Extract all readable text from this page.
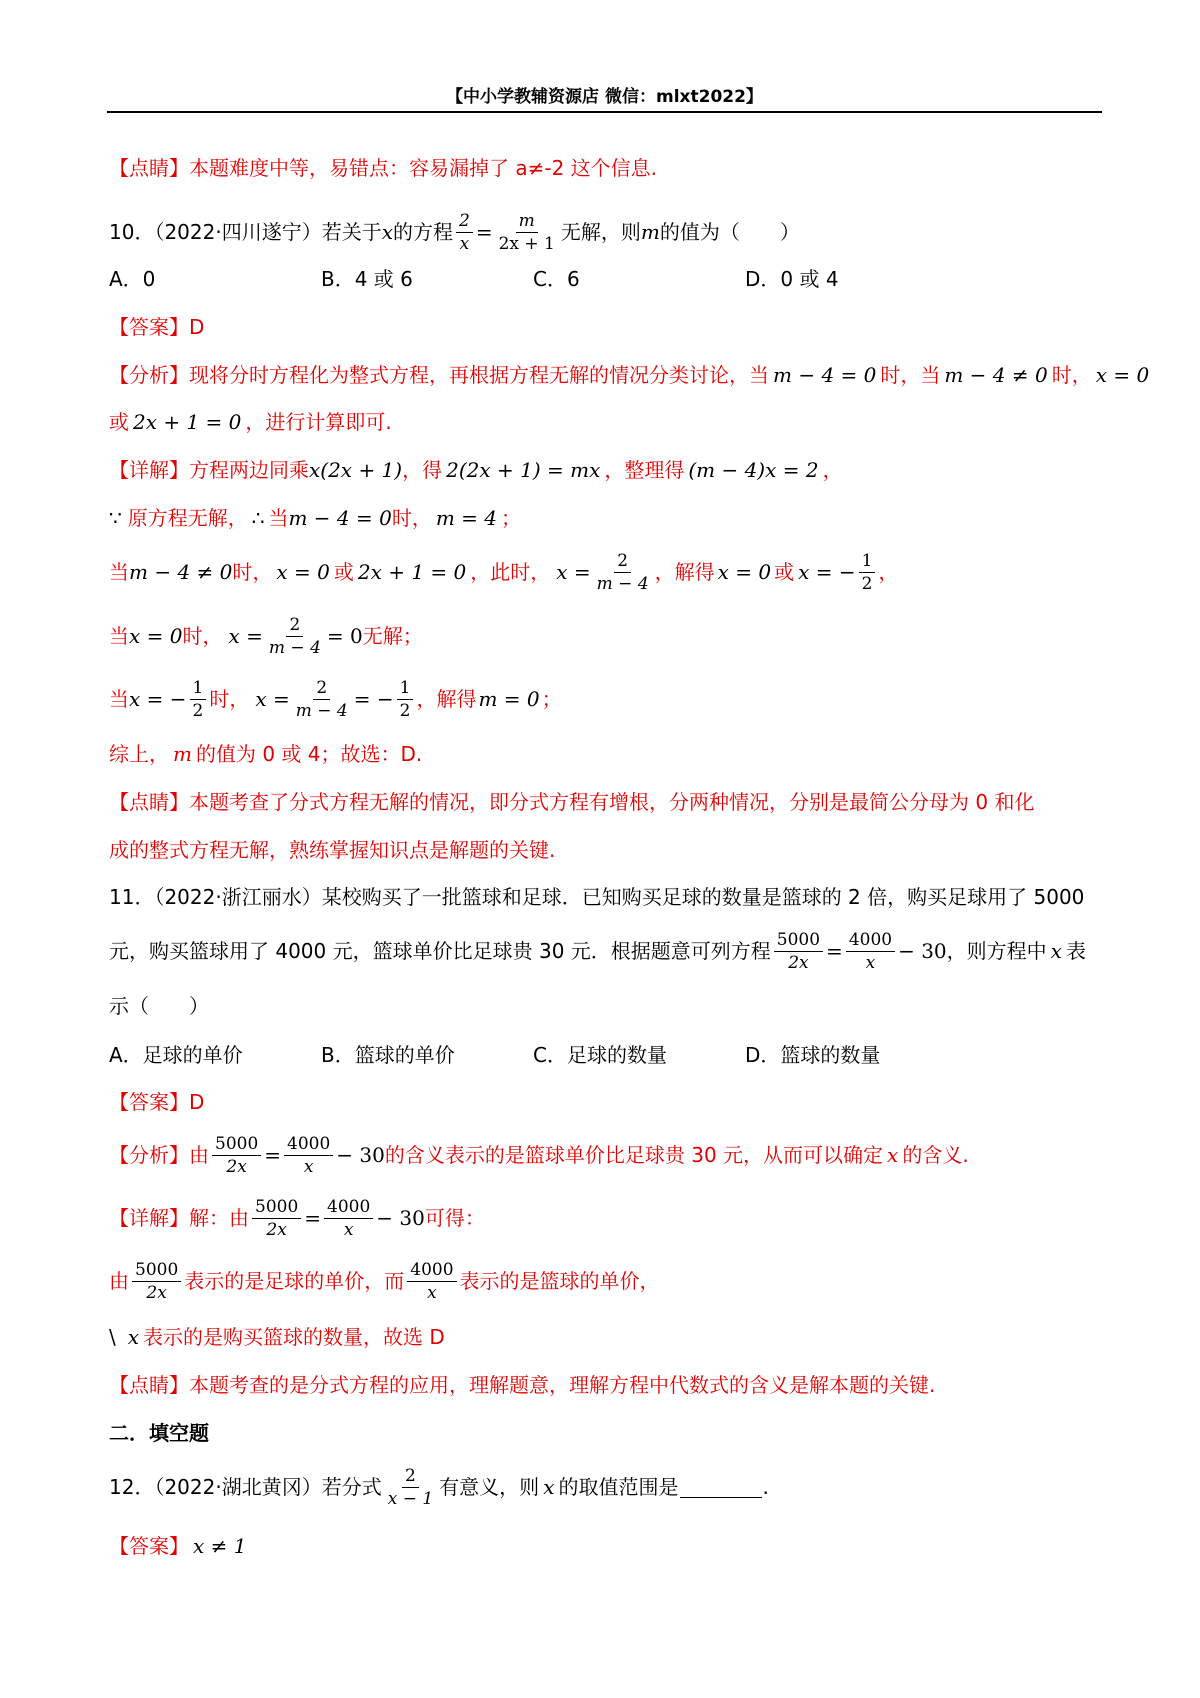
【中小学教辅资源店 微信：mlxt2022】
【点睛】 本题难度中等，易错点：容易漏掉了 a≠-2 这个信息.
10．（2022·四川遂宁）若关于 x 的方程 $\frac{2}{x} = \frac{m}{2x + 1}$ 无解，则 m 的值为（　　）
A．0	B．4 或 6	C．6	D．0 或 4
【答案】 D
【分析】 现将分时方程化为整式方程，再根据方程无解的情况分类讨论，当 m − 4 = 0 时，当 m − 4 ≠ 0 时， x = 0
或 2x + 1 = 0 ，进行计算即可.
【详解】 方程两边同乘 x(2x + 1) ，得 2(2x + 1) = mx ，整理得 (m − 4)x = 2 ，
∵ 原方程无解， ∴ 当 m − 4 = 0 时， m = 4 ；
当 m − 4 ≠ 0 时， x = 0 或 2x + 1 = 0 ，此时， $x = \frac{2}{m - 4}$ ，解得 x = 0 或 x = − $\frac{1}{2}$ ，
当 x = 0 时， $x = \frac{2}{m - 4} = 0$ 无解；
当 x = − $\frac{1}{2}$ 时， $x = \frac{2}{m - 4}$ = − $\frac{1}{2}$ ，解得 m = 0 ；
综上， m 的值为 0 或 4；故选：D.
【点睛】 本题考查了分式方程无解的情况，即分式方程有增根，分两种情况，分别是最简公分母为 0 和化
成的整式方程无解，熟练掌握知识点是解题的关键.
11．（2022·浙江丽水）某校购买了一批篮球和足球．已知购买足球的数量是篮球的 2 倍，购买足球用了 5000
元，购买篮球用了 4000 元，篮球单价比足球贵 30 元．根据题意可列方程 $\frac{5000}{2x} = \frac{4000}{x} - 30$ ，则方程中 x 表
示（　　）
A．足球的单价	B．篮球的单价	C．足球的数量	D．篮球的数量
【答案】 D
【分析】 由 $\frac{5000}{2x} = \frac{4000}{x} - 30$ 的含义表示的是篮球单价比足球贵 30 元，从而可以确定 x 的含义.
【详解】 解：由 $\frac{5000}{2x} = \frac{4000}{x} - 30$ 可得：
由 $\frac{5000}{2x}$ 表示的是足球的单价，而 $\frac{4000}{x}$ 表示的是篮球的单价，
\ x 表示的是购买篮球的数量，故选 D
【点睛】 本题考查的是分式方程的应用，理解题意，理解方程中代数式的含义是解本题的关键.
二．填空题
12．（2022·湖北黄冈）若分式 $\frac{2}{x - 1}$ 有意义，则 x 的取值范围是	.
【答案】 x ≠ 1
